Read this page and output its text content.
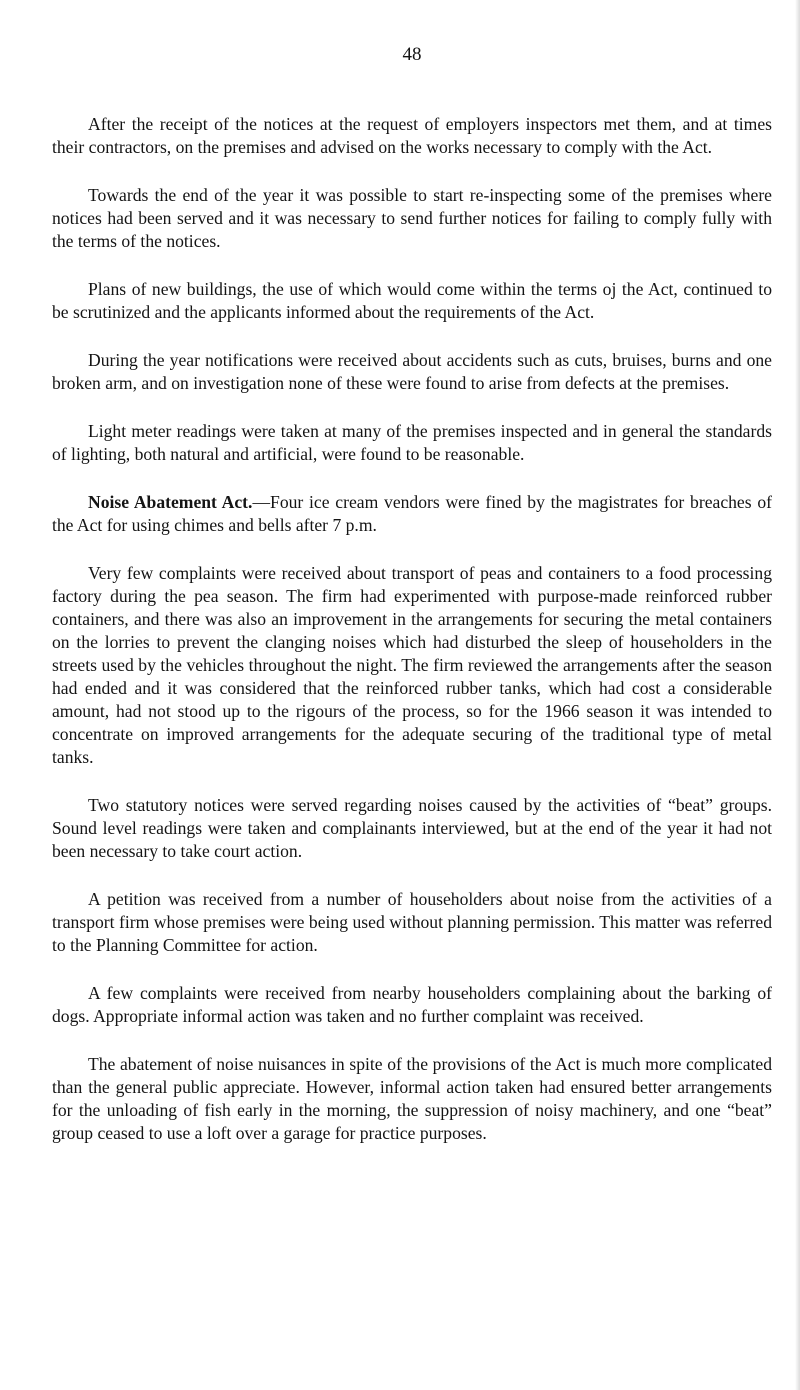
48

After the receipt of the notices at the request of employers inspectors met them, and at times their contractors, on the premises and advised on the works necessary to comply with the Act.

Towards the end of the year it was possible to start re-inspecting some of the premises where notices had been served and it was necessary to send further notices for failing to comply fully with the terms of the notices.

Plans of new buildings, the use of which would come within the terms oj the Act, continued to be scrutinized and the applicants informed about the requirements of the Act.

During the year notifications were received about accidents such as cuts, bruises, burns and one broken arm, and on investigation none of these were found to arise from defects at the premises.

Light meter readings were taken at many of the premises inspected and in general the standards of lighting, both natural and artificial, were found to be reasonable.

Noise Abatement Act.—Four ice cream vendors were fined by the magistrates for breaches of the Act for using chimes and bells after 7 p.m.

Very few complaints were received about transport of peas and containers to a food processing factory during the pea season. The firm had experimented with purpose-made reinforced rubber containers, and there was also an improvement in the arrangements for securing the metal containers on the lorries to prevent the clanging noises which had disturbed the sleep of householders in the streets used by the vehicles throughout the night. The firm reviewed the arrangements after the season had ended and it was considered that the reinforced rubber tanks, which had cost a considerable amount, had not stood up to the rigours of the process, so for the 1966 season it was intended to concentrate on improved arrangements for the adequate securing of the traditional type of metal tanks.

Two statutory notices were served regarding noises caused by the activities of “beat” groups. Sound level readings were taken and complainants interviewed, but at the end of the year it had not been necessary to take court action.

A petition was received from a number of householders about noise from the activities of a transport firm whose premises were being used without planning permission. This matter was referred to the Planning Committee for action.

A few complaints were received from nearby householders complaining about the barking of dogs. Appropriate informal action was taken and no further complaint was received.

The abatement of noise nuisances in spite of the provisions of the Act is much more complicated than the general public appreciate. However, informal action taken had ensured better arrangements for the unloading of fish early in the morning, the suppression of noisy machinery, and one “beat” group ceased to use a loft over a garage for practice purposes.
